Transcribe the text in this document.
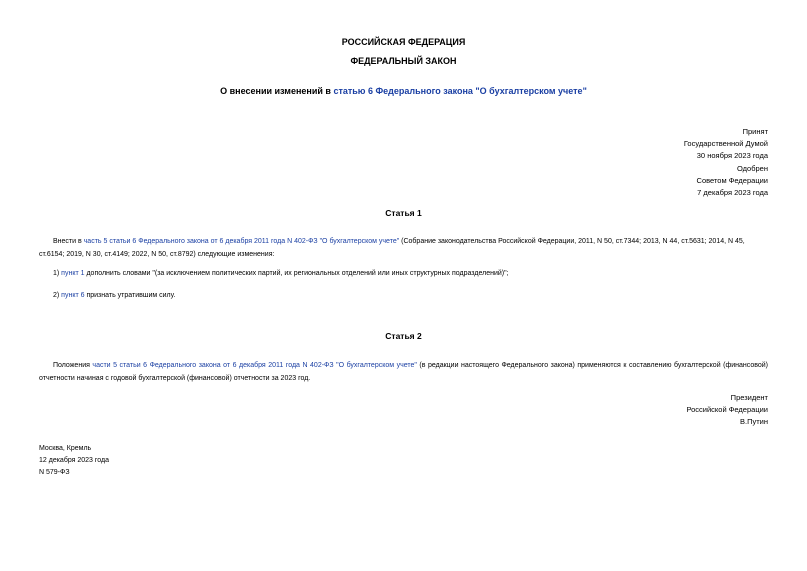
РОССИЙСКАЯ ФЕДЕРАЦИЯ
ФЕДЕРАЛЬНЫЙ ЗАКОН
О внесении изменений в статью 6 Федерального закона "О бухгалтерском учете"
Принят
Государственной Думой
30 ноября 2023 года
Одобрен
Советом Федерации
7 декабря 2023 года
Статья 1
Внести в часть 5 статьи 6 Федерального закона от 6 декабря 2011 года N 402-ФЗ "О бухгалтерском учете" (Собрание законодательства Российской Федерации, 2011, N 50, ст.7344; 2013, N 44, ст.5631; 2014, N 45, ст.6154; 2019, N 30, ст.4149; 2022, N 50, ст.8792) следующие изменения:
1) пункт 1 дополнить словами "(за исключением политических партий, их региональных отделений или иных структурных подразделений)";
2) пункт 6 признать утратившим силу.
Статья 2
Положения части 5 статьи 6 Федерального закона от 6 декабря 2011 года N 402-ФЗ "О бухгалтерском учете" (в редакции настоящего Федерального закона) применяются к составлению бухгалтерской (финансовой) отчетности начиная с годовой бухгалтерской (финансовой) отчетности за 2023 год.
Президент
Российской Федерации
В.Путин
Москва, Кремль
12 декабря 2023 года
N 579-ФЗ
